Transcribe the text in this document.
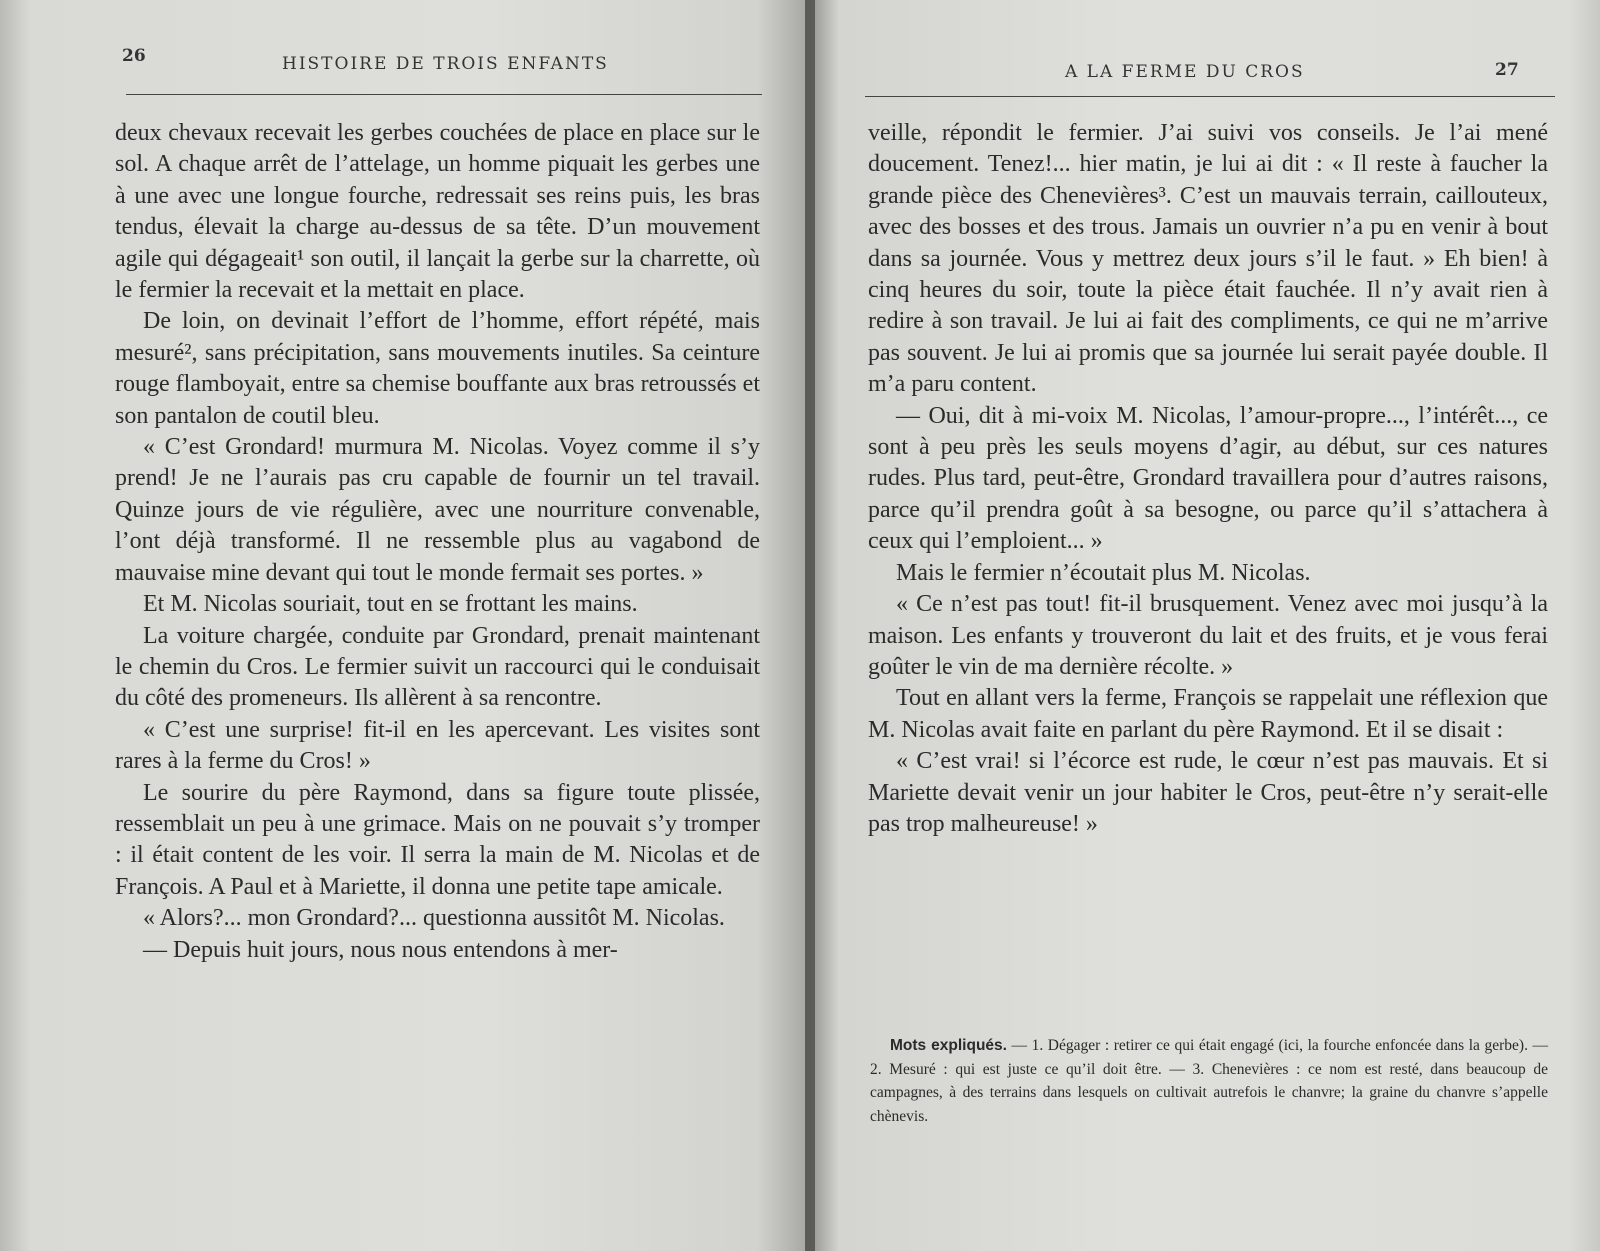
26	HISTOIRE DE TROIS ENFANTS

deux chevaux recevait les gerbes couchées de place en place sur le sol. A chaque arrêt de l’attelage, un homme piquait les gerbes une à une avec une longue fourche, redressait ses reins puis, les bras tendus, élevait la charge au-dessus de sa tête. D’un mouvement agile qui dégageait¹ son outil, il lançait la gerbe sur la charrette, où le fermier la recevait et la mettait en place.

De loin, on devinait l’effort de l’homme, effort répété, mais mesuré², sans précipitation, sans mouvements inutiles. Sa ceinture rouge flamboyait, entre sa chemise bouffante aux bras retroussés et son pantalon de coutil bleu.

« C’est Grondard! murmura M. Nicolas. Voyez comme il s’y prend! Je ne l’aurais pas cru capable de fournir un tel travail. Quinze jours de vie régulière, avec une nourriture convenable, l’ont déjà transformé. Il ne ressemble plus au vagabond de mauvaise mine devant qui tout le monde fermait ses portes. »

Et M. Nicolas souriait, tout en se frottant les mains.

La voiture chargée, conduite par Grondard, prenait maintenant le chemin du Cros. Le fermier suivit un raccourci qui le conduisait du côté des promeneurs. Ils allèrent à sa rencontre.

« C’est une surprise! fit-il en les apercevant. Les visites sont rares à la ferme du Cros! »

Le sourire du père Raymond, dans sa figure toute plissée, ressemblait un peu à une grimace. Mais on ne pouvait s’y tromper : il était content de les voir. Il serra la main de M. Nicolas et de François. A Paul et à Mariette, il donna une petite tape amicale.

« Alors?... mon Grondard?... questionna aussitôt M. Nicolas.

— Depuis huit jours, nous nous entendons à mer-

A LA FERME DU CROS	27

veille, répondit le fermier. J’ai suivi vos conseils. Je l’ai mené doucement. Tenez!... hier matin, je lui ai dit : « Il reste à faucher la grande pièce des Chenevières³. C’est un mauvais terrain, caillouteux, avec des bosses et des trous. Jamais un ouvrier n’a pu en venir à bout dans sa journée. Vous y mettrez deux jours s’il le faut. » Eh bien! à cinq heures du soir, toute la pièce était fauchée. Il n’y avait rien à redire à son travail. Je lui ai fait des compliments, ce qui ne m’arrive pas souvent. Je lui ai promis que sa journée lui serait payée double. Il m’a paru content.

— Oui, dit à mi-voix M. Nicolas, l’amour-propre..., l’intérêt..., ce sont à peu près les seuls moyens d’agir, au début, sur ces natures rudes. Plus tard, peut-être, Grondard travaillera pour d’autres raisons, parce qu’il prendra goût à sa besogne, ou parce qu’il s’attachera à ceux qui l’emploient... »

Mais le fermier n’écoutait plus M. Nicolas.

« Ce n’est pas tout! fit-il brusquement. Venez avec moi jusqu’à la maison. Les enfants y trouveront du lait et des fruits, et je vous ferai goûter le vin de ma dernière récolte. »

Tout en allant vers la ferme, François se rappelait une réflexion que M. Nicolas avait faite en parlant du père Raymond. Et il se disait :

« C’est vrai! si l’écorce est rude, le cœur n’est pas mauvais. Et si Mariette devait venir un jour habiter le Cros, peut-être n’y serait-elle pas trop malheureuse! »

Mots expliqués. — 1. Dégager : retirer ce qui était engagé (ici, la fourche enfoncée dans la gerbe). — 2. Mesuré : qui est juste ce qu’il doit être. — 3. Chenevières : ce nom est resté, dans beaucoup de campagnes, à des terrains dans lesquels on cultivait autrefois le chanvre; la graine du chanvre s’appelle chènevis.
